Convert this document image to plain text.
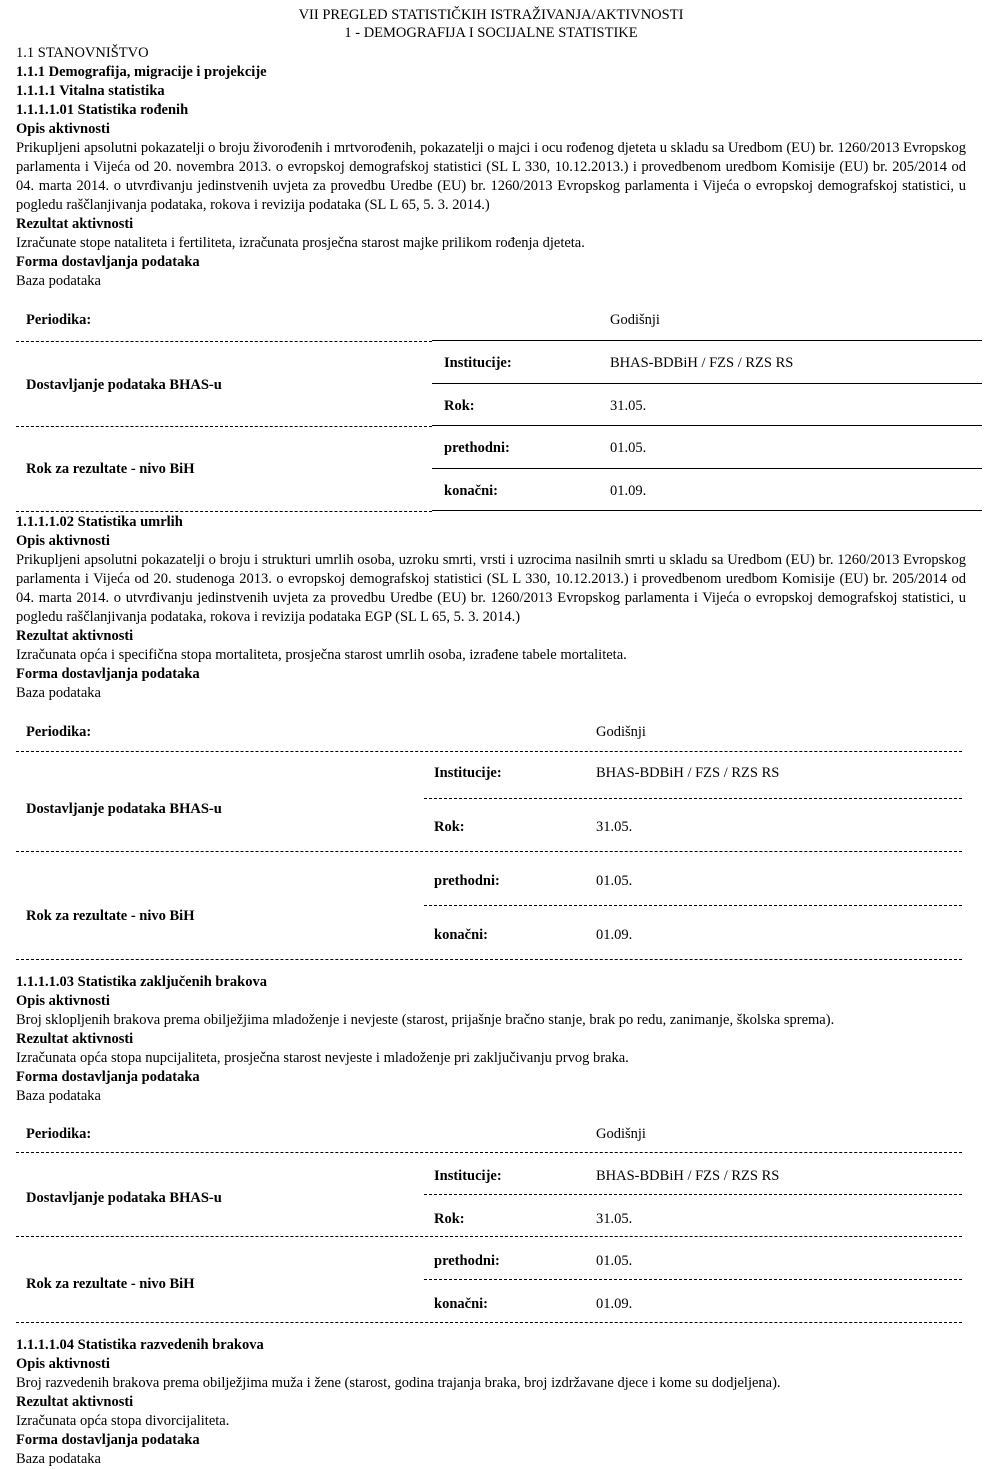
VII PREGLED STATISTIČKIH ISTRAŽIVANJA/AKTIVNOSTI
1 - DEMOGRAFIJA I SOCIJALNE STATISTIKE
1.1 STANOVNIŠTVO
1.1.1 Demografija, migracije i projekcije
1.1.1.1 Vitalna statistika
1.1.1.1.01 Statistika rođenih
Opis aktivnosti

Prikupljeni apsolutni pokazatelji o broju živorođenih i mrtvorođenih, pokazatelji o majci i ocu rođenog djeteta u skladu sa Uredbom (EU) br. 1260/2013 Evropskog parlamenta i Vijeća od 20. novembra 2013. o evropskoj demografskoj statistici (SL L 330, 10.12.2013.) i provedbenom uredbom Komisije (EU) br. 205/2014 od 04. marta 2014. o utvrđivanju jedinstvenih uvjeta za provedbu Uredbe (EU) br. 1260/2013 Evropskog parlamenta i Vijeća o evropskoj demografskoj statistici, u pogledu raščlanjivanja podataka, rokova i revizija podataka (SL L 65, 5. 3. 2014.)

Rezultat aktivnosti

Izračunate stope nataliteta i fertiliteta, izračunata prosječna starost majke prilikom rođenja djeteta.

Forma dostavljanja podataka

Baza podataka

Periodika:	Godišnji
Dostavljanje podataka BHAS-u
Institucije:	BHAS-BDBiH / FZS / RZS RS
Rok:	31.05.
Rok za rezultate - nivo BiH
prethodni:	01.05.
konačni:	01.09.
1.1.1.1.02 Statistika umrlih
Opis aktivnosti

Prikupljeni apsolutni pokazatelji o broju i strukturi umrlih osoba, uzroku smrti, vrsti i uzrocima nasilnih smrti u skladu sa Uredbom (EU) br. 1260/2013 Evropskog parlamenta i Vijeća od 20. studenoga 2013. o evropskoj demografskoj statistici (SL L 330, 10.12.2013.) i provedbenom uredbom Komisije (EU) br. 205/2014 od 04. marta 2014. o utvrđivanju jedinstvenih uvjeta za provedbu Uredbe (EU) br. 1260/2013 Evropskog parlamenta i Vijeća o evropskoj demografskoj statistici, u pogledu raščlanjivanja podataka, rokova i revizija podataka EGP (SL L 65, 5. 3. 2014.)

Rezultat aktivnosti

Izračunata opća i specifična stopa mortaliteta, prosječna starost umrlih osoba, izrađene tabele mortaliteta.

Forma dostavljanja podataka

Baza podataka

Periodika:	Godišnji
Dostavljanje podataka BHAS-u
Institucije:	BHAS-BDBiH / FZS / RZS RS
Rok:	31.05.
Rok za rezultate - nivo BiH
prethodni:	01.05.
konačni:	01.09.
1.1.1.1.03 Statistika zaključenih brakova
Opis aktivnosti

Broj sklopljenih brakova prema obilježjima mladoženje i nevjeste (starost, prijašnje bračno stanje, brak po redu, zanimanje, školska sprema).

Rezultat aktivnosti

Izračunata opća stopa nupcijaliteta, prosječna starost nevjeste i mladoženje pri zaključivanju prvog braka.

Forma dostavljanja podataka

Baza podataka

Periodika:	Godišnji
Dostavljanje podataka BHAS-u
Institucije:	BHAS-BDBiH / FZS / RZS RS
Rok:	31.05.
Rok za rezultate - nivo BiH
prethodni:	01.05.
konačni:	01.09.
1.1.1.1.04 Statistika razvedenih brakova
Opis aktivnosti

Broj razvedenih brakova prema obilježjima muža i žene (starost, godina trajanja braka, broj izdržavane djece i kome su dodjeljena).

Rezultat aktivnosti

Izračunata opća stopa divorcijaliteta.

Forma dostavljanja podataka

Baza podataka
